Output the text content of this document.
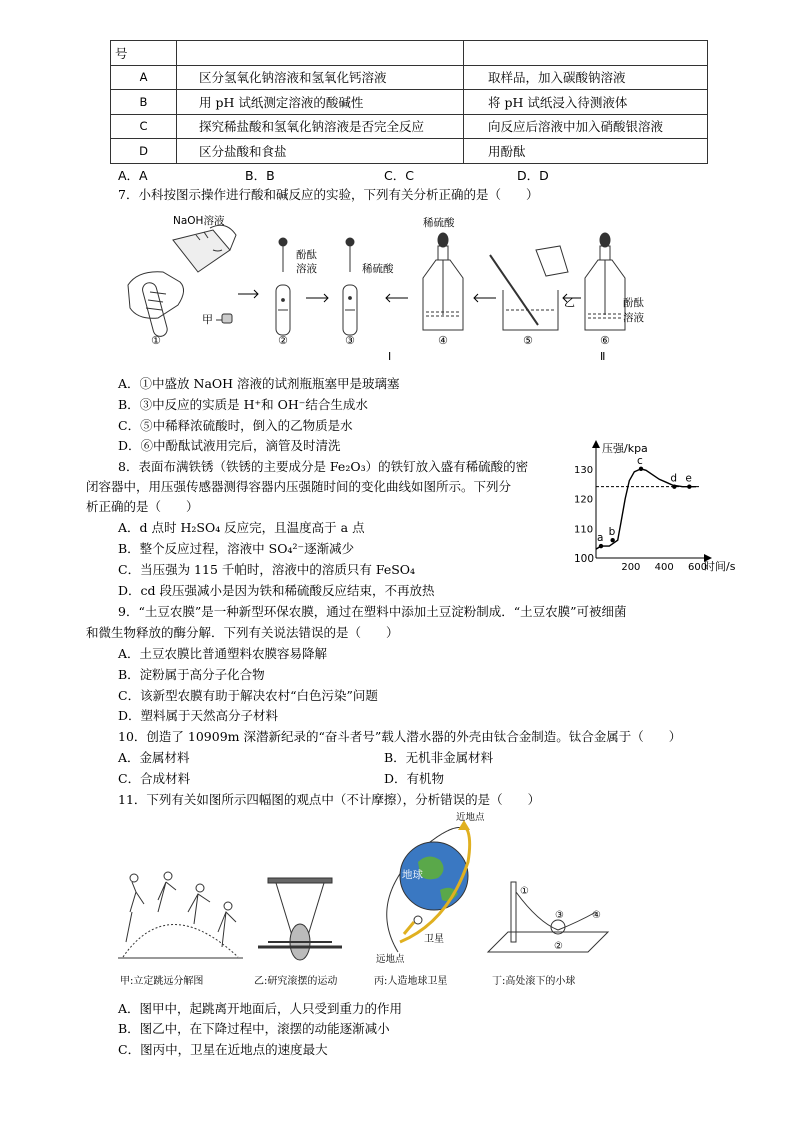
号		
A	区分氢氧化钠溶液和氢氧化钙溶液	取样品，加入碳酸钠溶液
B	用 pH 试纸测定溶液的酸碱性	将 pH 试纸浸入待测液体
C	探究稀盐酸和氢氧化钠溶液是否完全反应	向反应后溶液中加入硝酸银溶液
D	区分盐酸和食盐	用酚酞
A．A	B．B	C．C	D．D
7．小科按图示操作进行酸和碱反应的实验，下列有关分析正确的是（　　）
NaOH溶液
甲
酚酞
溶液	稀硫酸
稀硫酸
乙	酚酞
溶液
①	②	③	④	⑤	⑥
Ⅰ	Ⅱ
A．①中盛放 NaOH 溶液的试剂瓶瓶塞甲是玻璃塞
B．③中反应的实质是 H⁺和 OH⁻结合生成水
C．⑤中稀释浓硫酸时，倒入的乙物质是水
D．⑥中酚酞试液用完后，滴管及时清洗
8．表面布满铁锈（铁锈的主要成分是 Fe₂O₃）的铁钉放入盛有稀硫酸的密
闭容器中，用压强传感器测得容器内压强随时间的变化曲线如图所示。下列分
析正确的是（　　）
A．d 点时 H₂SO₄ 反应完，且温度高于 a 点
B．整个反应过程，溶液中 SO₄²⁻逐渐减少
C．当压强为 115 千帕时，溶液中的溶质只有 FeSO₄
D．cd 段压强减小是因为铁和稀硫酸反应结束，不再放热
压强/kpa
时间/s
100
200 400 600
110
120
130
a b
c
d e
9．“土豆农膜”是一种新型环保农膜，通过在塑料中添加土豆淀粉制成．“土豆农膜”可被细菌
和微生物释放的酶分解．下列有关说法错误的是（　　）
A．土豆农膜比普通塑料农膜容易降解
B．淀粉属于高分子化合物
C．该新型农膜有助于解决农村“白色污染”问题
D．塑料属于天然高分子材料
10．创造了 10909m 深潜新纪录的“奋斗者号”载人潜水器的外壳由钛合金制造。钛合金属于（　　）
A．金属材料	B．无机非金属材料
C．合成材料	D．有机物
11．下列有关如图所示四幅图的观点中（不计摩擦），分析错误的是（　　）
甲:立定跳远分解图	乙:研究滚摆的运动
近地点
地球
卫星
远地点
丙:人造地球卫星
①
②
③	④
丁:高处滚下的小球
A．图甲中，起跳离开地面后，人只受到重力的作用
B．图乙中，在下降过程中，滚摆的动能逐渐减小
C．图丙中，卫星在近地点的速度最大
